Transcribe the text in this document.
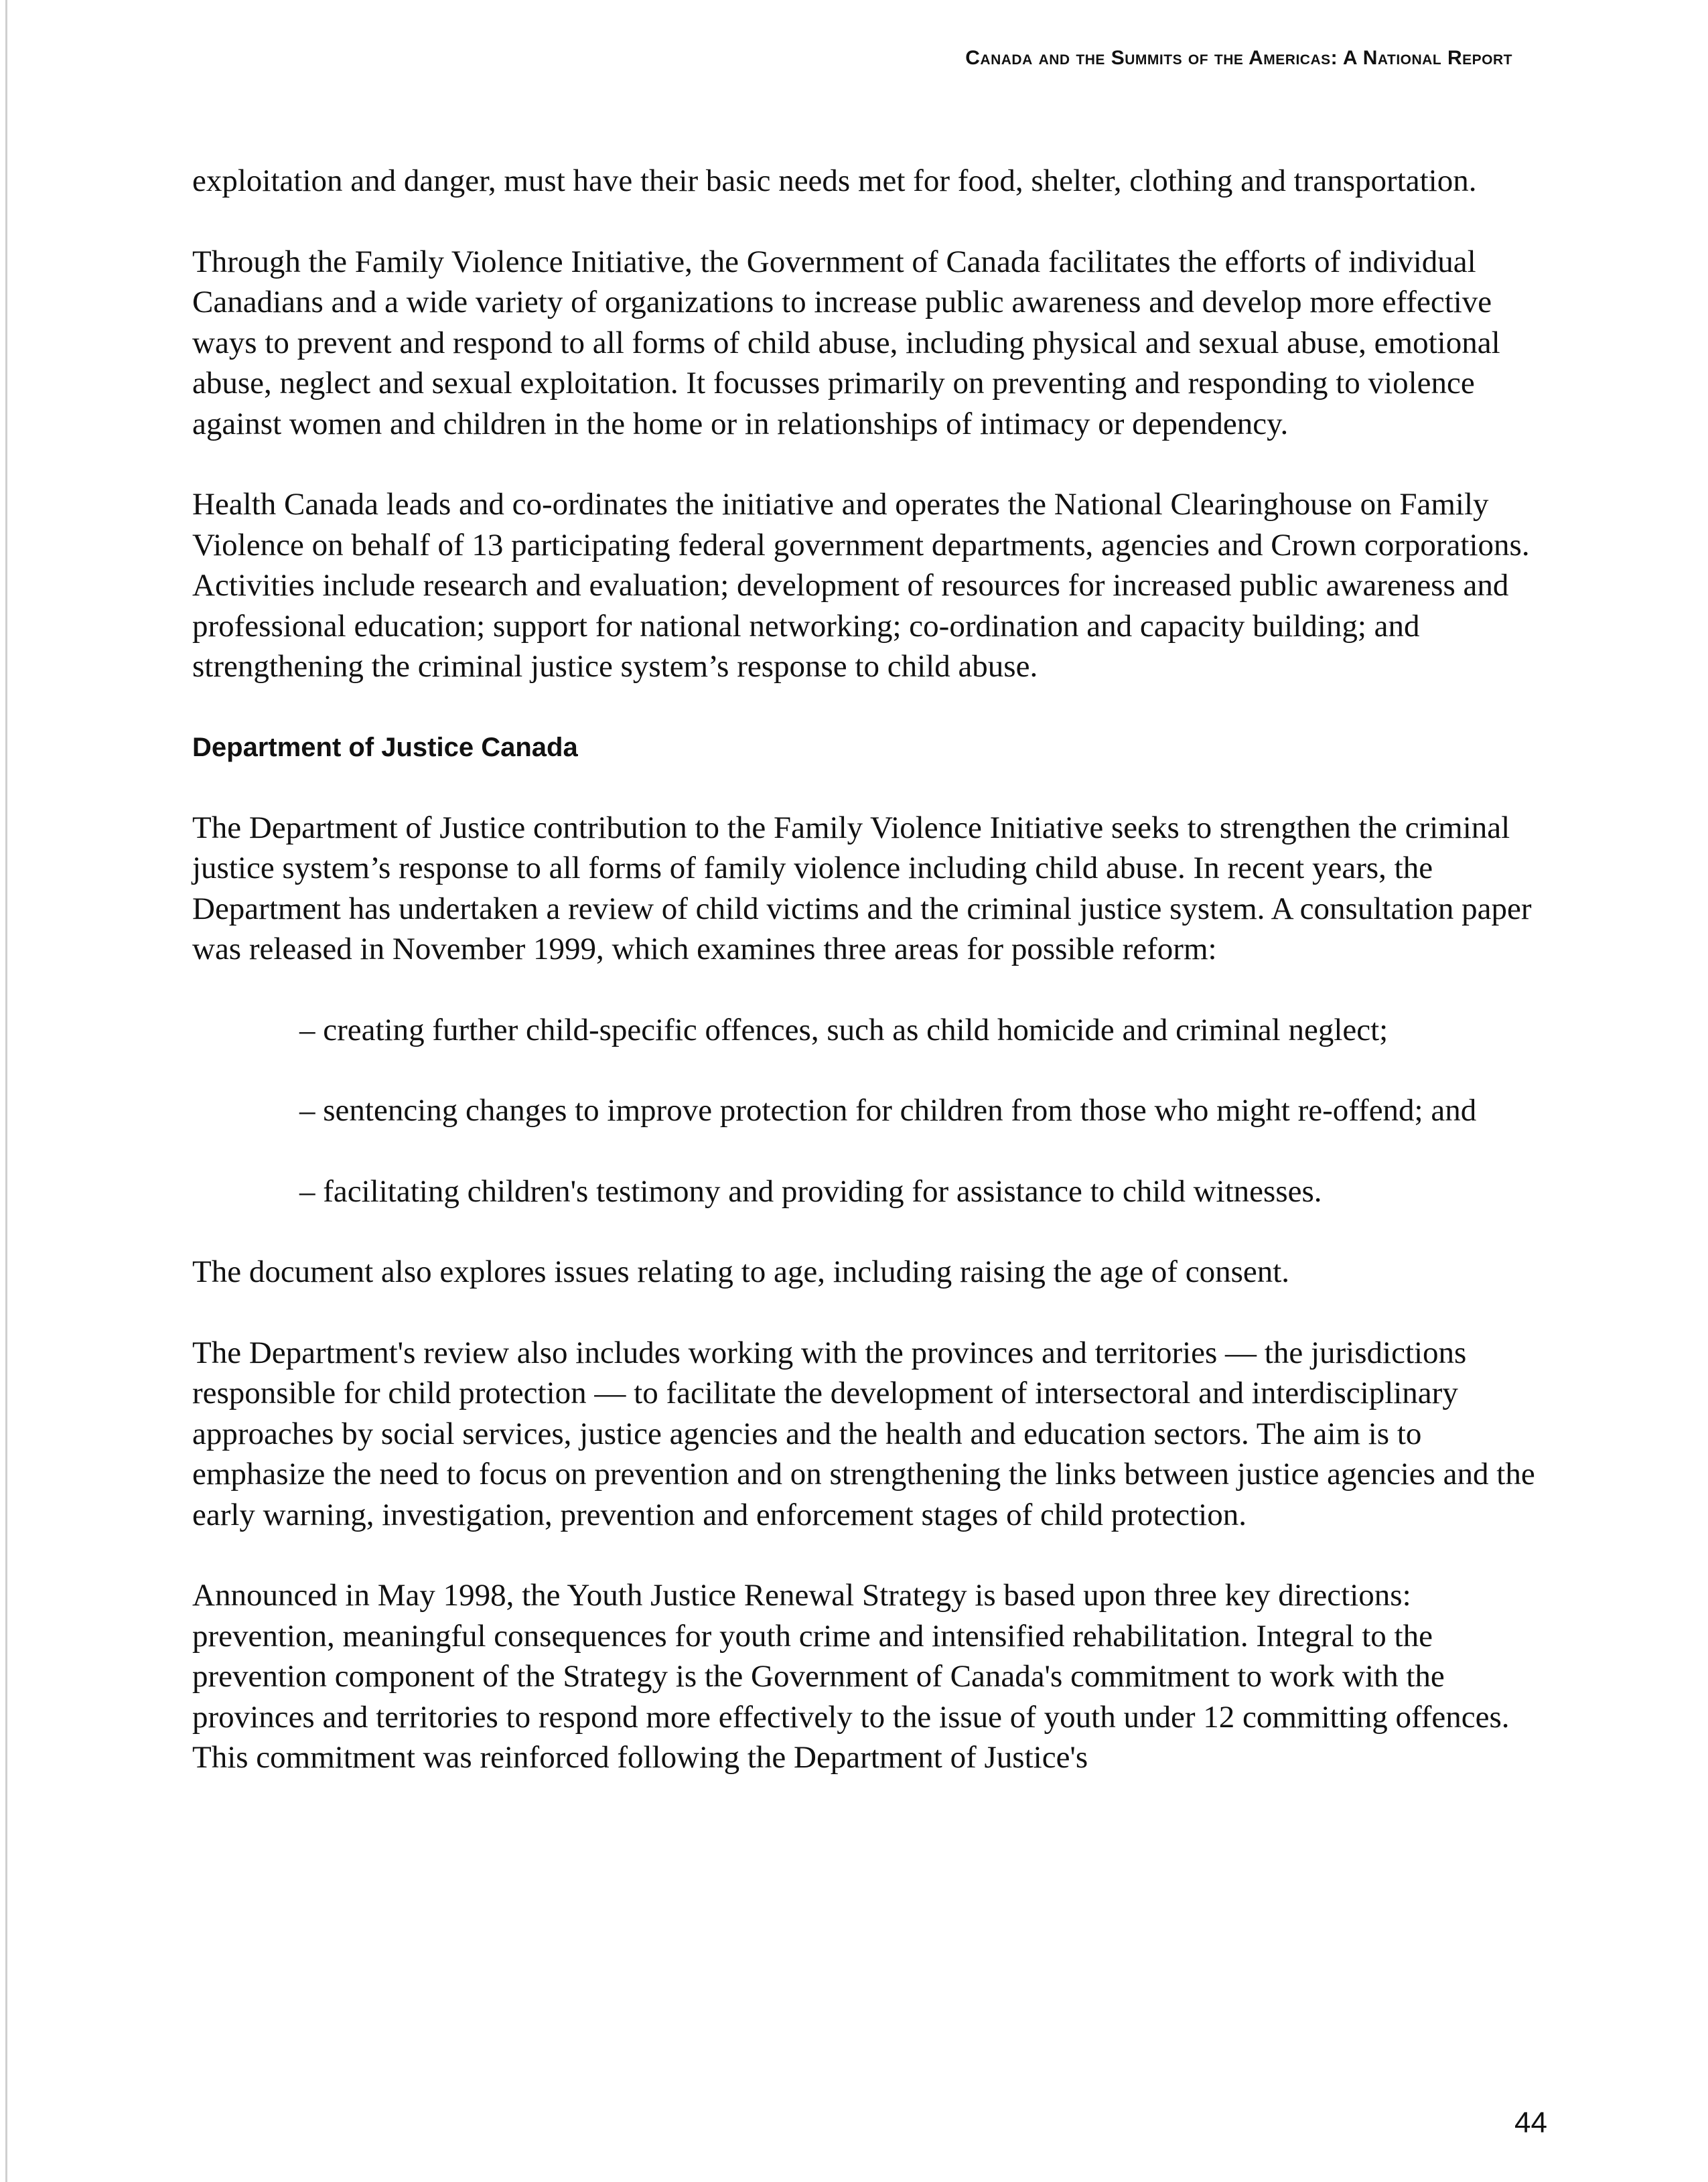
Canada and the Summits of the Americas: A National Report

exploitation and danger, must have their basic needs met for food, shelter, clothing and transportation.

Through the Family Violence Initiative, the Government of Canada facilitates the efforts of individual Canadians and a wide variety of organizations to increase public awareness and develop more effective ways to prevent and respond to all forms of child abuse, including physical and sexual abuse, emotional abuse, neglect and sexual exploitation. It focusses primarily on preventing and responding to violence against women and children in the home or in relationships of intimacy or dependency.

Health Canada leads and co-ordinates the initiative and operates the National Clearinghouse on Family Violence on behalf of 13 participating federal government departments, agencies and Crown corporations. Activities include research and evaluation; development of resources for increased public awareness and professional education; support for national networking; co-ordination and capacity building; and strengthening the criminal justice system’s response to child abuse.

Department of Justice Canada

The Department of Justice contribution to the Family Violence Initiative seeks to strengthen the criminal justice system’s response to all forms of family violence including child abuse. In recent years, the Department has undertaken a review of child victims and the criminal justice system. A consultation paper was released in November 1999, which examines three areas for possible reform:

– creating further child-specific offences, such as child homicide and criminal neglect;
– sentencing changes to improve protection for children from those who might re-offend; and
– facilitating children's testimony and providing for assistance to child witnesses.

The document also explores issues relating to age, including raising the age of consent.

The Department's review also includes working with the provinces and territories — the jurisdictions responsible for child protection — to facilitate the development of intersectoral and interdisciplinary approaches by social services, justice agencies and the health and education sectors. The aim is to emphasize the need to focus on prevention and on strengthening the links between justice agencies and the early warning, investigation, prevention and enforcement stages of child protection.

Announced in May 1998, the Youth Justice Renewal Strategy is based upon three key directions: prevention, meaningful consequences for youth crime and intensified rehabilitation. Integral to the prevention component of the Strategy is the Government of Canada's commitment to work with the provinces and territories to respond more effectively to the issue of youth under 12 committing offences. This commitment was reinforced following the Department of Justice's

44
